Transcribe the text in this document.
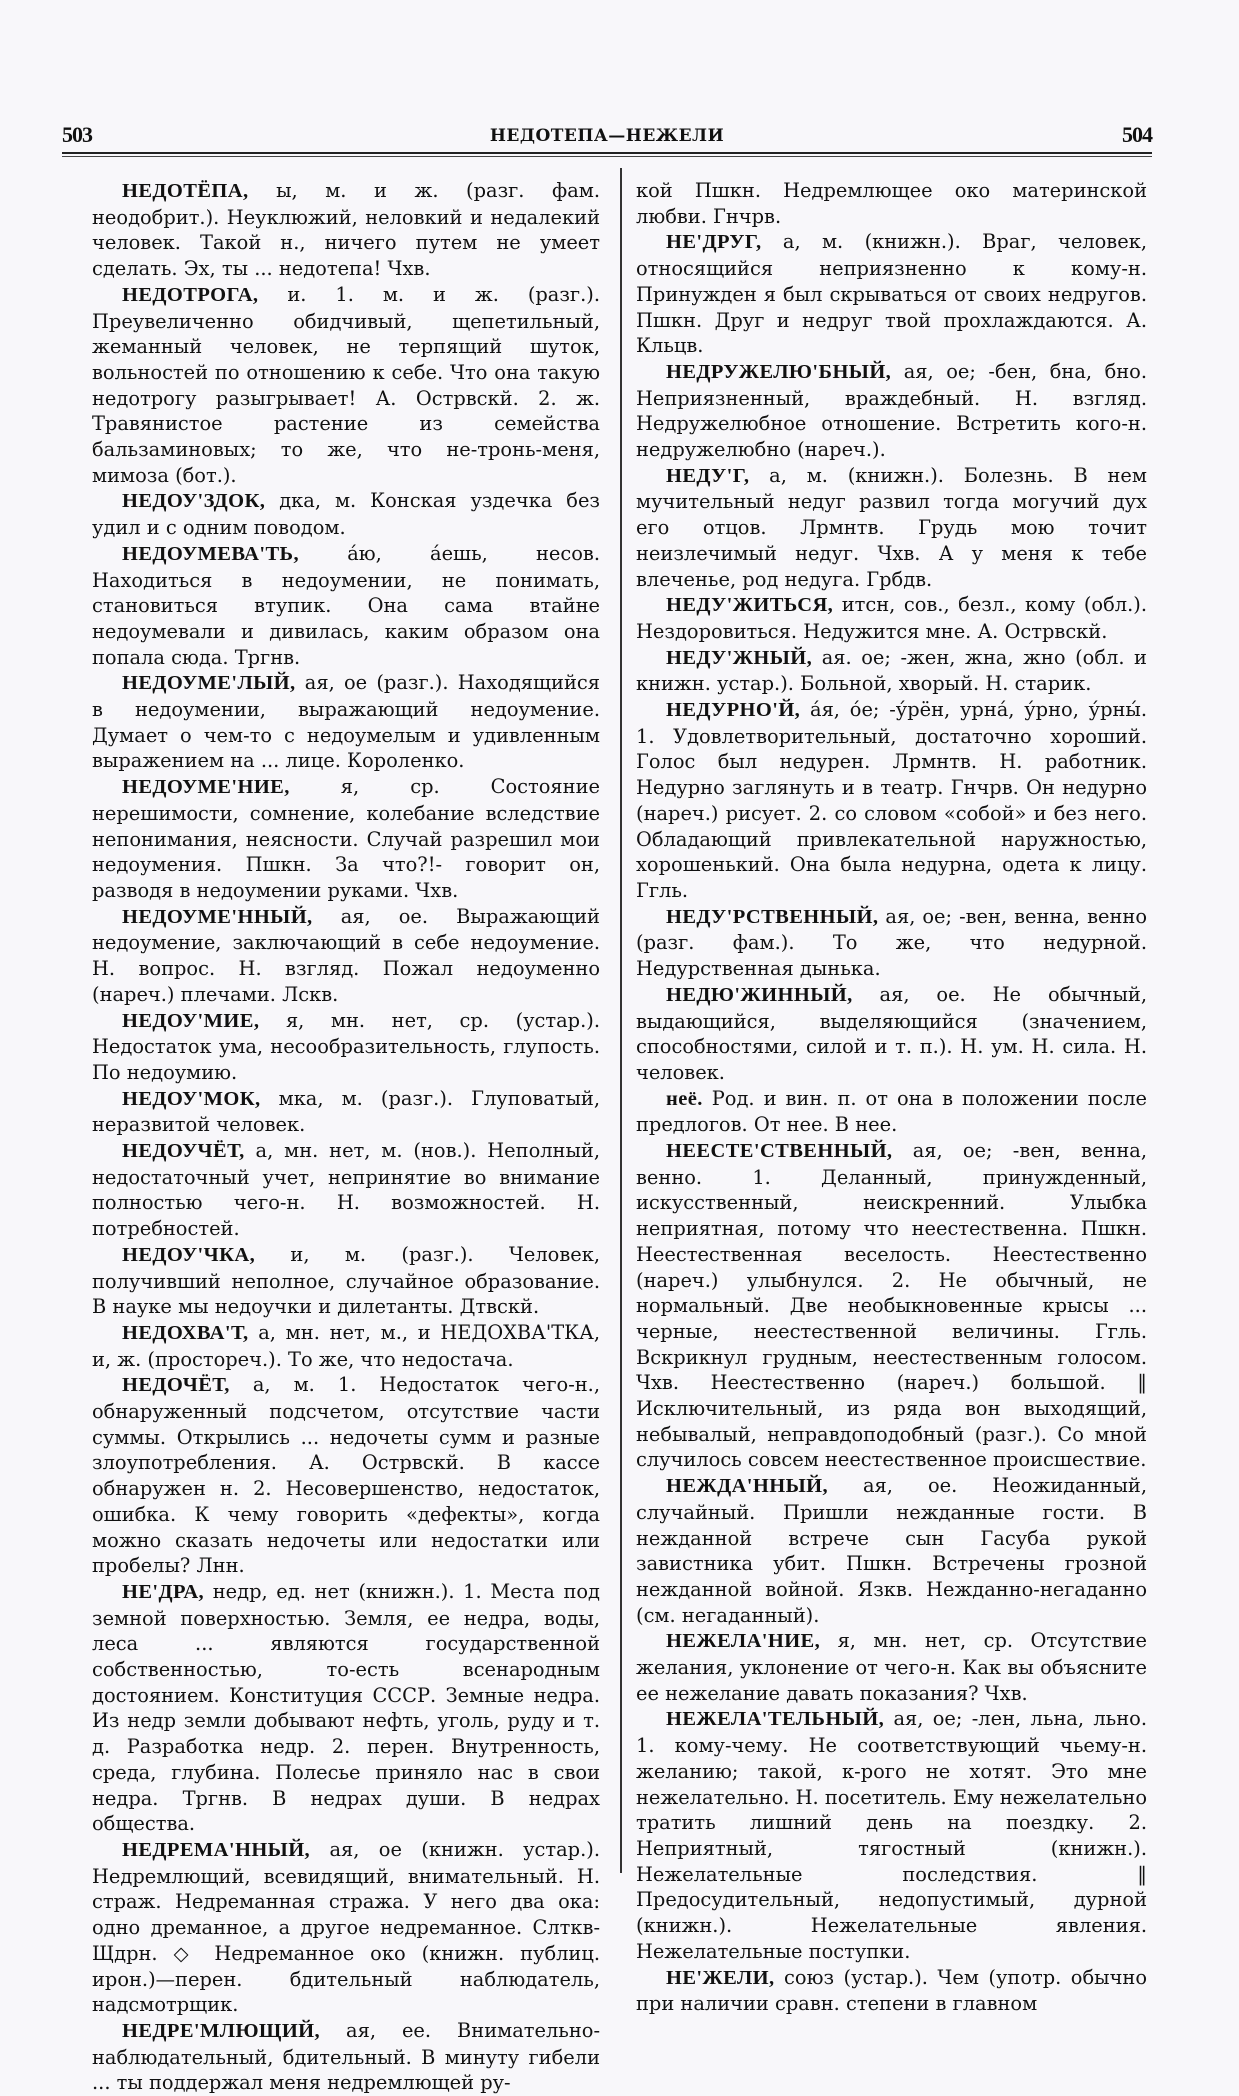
503	НЕДОТЕПА—НЕЖЕЛИ	504

НЕДОТЁПА, ы, м. и ж. (разг. фам. неодобрит.). Неуклюжий, неловкий и недалекий человек. Такой н., ничего путем не умеет сделать. Эх, ты ... недотепа! Чхв.

НЕДОТРОГА, и. 1. м. и ж. (разг.). Преувеличенно обидчивый, щепетильный, жеманный человек, не терпящий шуток, вольностей по отношению к себе. Что она такую недотрогу разыгрывает! А. Острвскй. 2. ж. Травянистое растение из семейства бальзаминовых; то же, что не-тронь-меня, мимоза (бот.).

НЕДОУ'ЗДОК, дка, м. Конская уздечка без удил и с одним поводом.

НЕДОУМЕВА'ТЬ, а́ю, а́ешь, несов. Находиться в недоумении, не понимать, становиться втупик. Она сама втайне недоумевали и дивилась, каким образом она попала сюда. Тргнв.

НЕДОУМЕ'ЛЫЙ, ая, ое (разг.). Находящийся в недоумении, выражающий недоумение. Думает о чем-то с недоумелым и удивленным выражением на ... лице. Короленко.

НЕДОУМЕ'НИЕ,	я, ср. Состояние нерешимости, сомнение, колебание вследствие непонимания, неясности. Случай разрешил мои недоумения. Пшкн. За что?!- говорит он, разводя в недоумении руками. Чхв.

НЕДОУМЕ'ННЫЙ, ая, ое. Выражающий недоумение, заключающий в себе недоумение. Н. вопрос. Н. взгляд. Пожал недоуменно (нареч.) плечами. Лскв.

НЕДОУ'МИЕ, я, мн. нет, ср. (устар.). Недостаток ума, несообразительность, глупость. По недоумию.

НЕДОУ'МОК, мка, м. (разг.). Глуповатый, неразвитой человек.

НЕДОУЧЁТ, а, мн. нет, м. (нов.). Неполный, недостаточный учет, непринятие во внимание полностью чего-н. Н. возможностей. Н. потребностей.

НЕДОУ'ЧКА, и, м. (разг.). Человек, получивший неполное, случайное образование. В науке мы недоучки и дилетанты. Дтвскй.

НЕДОХВА'Т, а, мн. нет, м., и НЕДОХВА'ТКА, и, ж. (простореч.). То же, что недостача.

НЕДОЧЁТ, а, м. 1. Недостаток чего-н., обнаруженный подсчетом, отсутствие части суммы. Открылись ... недочеты сумм и разные злоупотребления. А. Острвскй. В кассе обнаружен н. 2. Несовершенство, недостаток, ошибка. К чему говорить «дефекты», когда можно сказать недочеты или недостатки или пробелы? Лнн.

НЕ'ДРА, недр, ед. нет (книжн.). 1. Места под земной поверхностью. Земля, ее недра, воды, леса ... являются государственной собственностью, то-есть всенародным достоянием. Конституция СССР. Земные недра. Из недр земли добывают нефть, уголь, руду и т. д. Разработка недр. 2. перен. Внутренность, среда, глубина. Полесье приняло нас в свои недра. Тргнв. В недрах души. В недрах общества.

НЕДРЕМА'ННЫЙ, ая, ое (книжн. устар.). Недремлющий, всевидящий, внимательный. Н. страж. Недреманная стража. У него два ока: одно дреманное, а другое недреманное. Слткв-Щдрн. ◇ Недреманное око (книжн. публиц. ирон.)—перен. бдительный наблюдатель, надсмотрщик.

НЕДРЕ'МЛЮЩИЙ, ая, ее. Внимательно-наблюдательный, бдительный. В минуту гибели ... ты поддержал меня недремлющей ру-

кой Пшкн. Недремлющее око материнской любви. Гнчрв.

НЕ'ДРУГ, а, м. (книжн.). Враг, человек, относящийся неприязненно к кому-н. Принужден я был скрываться от своих недругов. Пшкн. Друг и недруг твой прохлаждаются. А. Кльцв.

НЕДРУЖЕЛЮ'БНЫЙ, ая, ое; -бен, бна, бно. Неприязненный, враждебный. Н. взгляд. Недружелюбное отношение. Встретить кого-н. недружелюбно (нареч.).

НЕДУ'Г, а, м. (книжн.). Болезнь. В нем мучительный недуг развил тогда могучий дух его отцов. Лрмнтв. Грудь мою точит неизлечимый недуг. Чхв. А у меня к тебе влеченье, род недуга. Грбдв.

НЕДУ'ЖИТЬСЯ, итсн, сов., безл., кому (обл.). Нездоровиться. Недужится мне. А. Острвскй.

НЕДУ'ЖНЫЙ, ая. ое; -жен, жна, жно (обл. и книжн. устар.). Больной, хворый. Н. старик.

НЕДУРНО'Й, а́я, о́е; -у́рён, урна́, у́рно, у́рны́. 1. Удовлетворительный, достаточно хороший. Голос был недурен. Лрмнтв. Н. работник. Недурно заглянуть и в театр. Гнчрв. Он недурно (нареч.) рисует. 2. со словом «собой» и без него. Обладающий привлекательной наружностью, хорошенький. Она была недурна, одета к лицу. Ггль.

НЕДУ'РСТВЕННЫЙ, ая, ое; -вен, венна, венно (разг. фам.). То же, что недурной. Недурственная дынька.

НЕДЮ'ЖИННЫЙ, ая, ое. Не обычный, выдающийся, выделяющийся (значением, способностями, силой и т. п.). Н. ум. Н. сила. Н. человек.

неё. Род. и вин. п. от она в положении после предлогов. От нее. В нее.

НЕЕСТЕ'СТВЕННЫЙ, ая, ое; -вен, венна, венно. 1. Деланный, принужденный, искусственный, неискренний. Улыбка неприятная, потому что неестественна. Пшкн. Неестественная веселость. Неестественно (нареч.) улыбнулся. 2. Не обычный, не нормальный. Две необыкновенные крысы ... черные, неестественной величины. Ггль. Вскрикнул грудным, неестественным голосом. Чхв. Неестественно (нареч.) большой. ‖ Исключительный, из ряда вон выходящий, небывалый, неправдоподобный (разг.). Со мной случилось совсем неестественное происшествие.

НЕЖДА'ННЫЙ, ая, ое. Неожиданный, случайный. Пришли нежданные гости. В нежданной встрече сын Гасуба рукой завистника убит. Пшкн. Встречены грозной нежданной войной. Язкв. Нежданно-негаданно (см. негаданный).

НЕЖЕЛА'НИЕ, я, мн. нет, ср. Отсутствие желания, уклонение от чего-н. Как вы объясните ее нежелание давать показания? Чхв.

НЕЖЕЛА'ТЕЛЬНЫЙ, ая, ое; -лен, льна, льно. 1. кому-чему. Не соответствующий чьему-н. желанию; такой, к-рого не хотят. Это мне нежелательно. Н. посетитель. Ему нежелательно тратить лишний день на поездку. 2. Неприятный, тягостный (книжн.). Нежелательные последствия. ‖ Предосудительный, недопустимый, дурной (книжн.). Нежелательные явления. Нежелательные поступки.

НЕ'ЖЕЛИ, союз (устар.). Чем (употр. обычно при наличии сравн. степени в главном
